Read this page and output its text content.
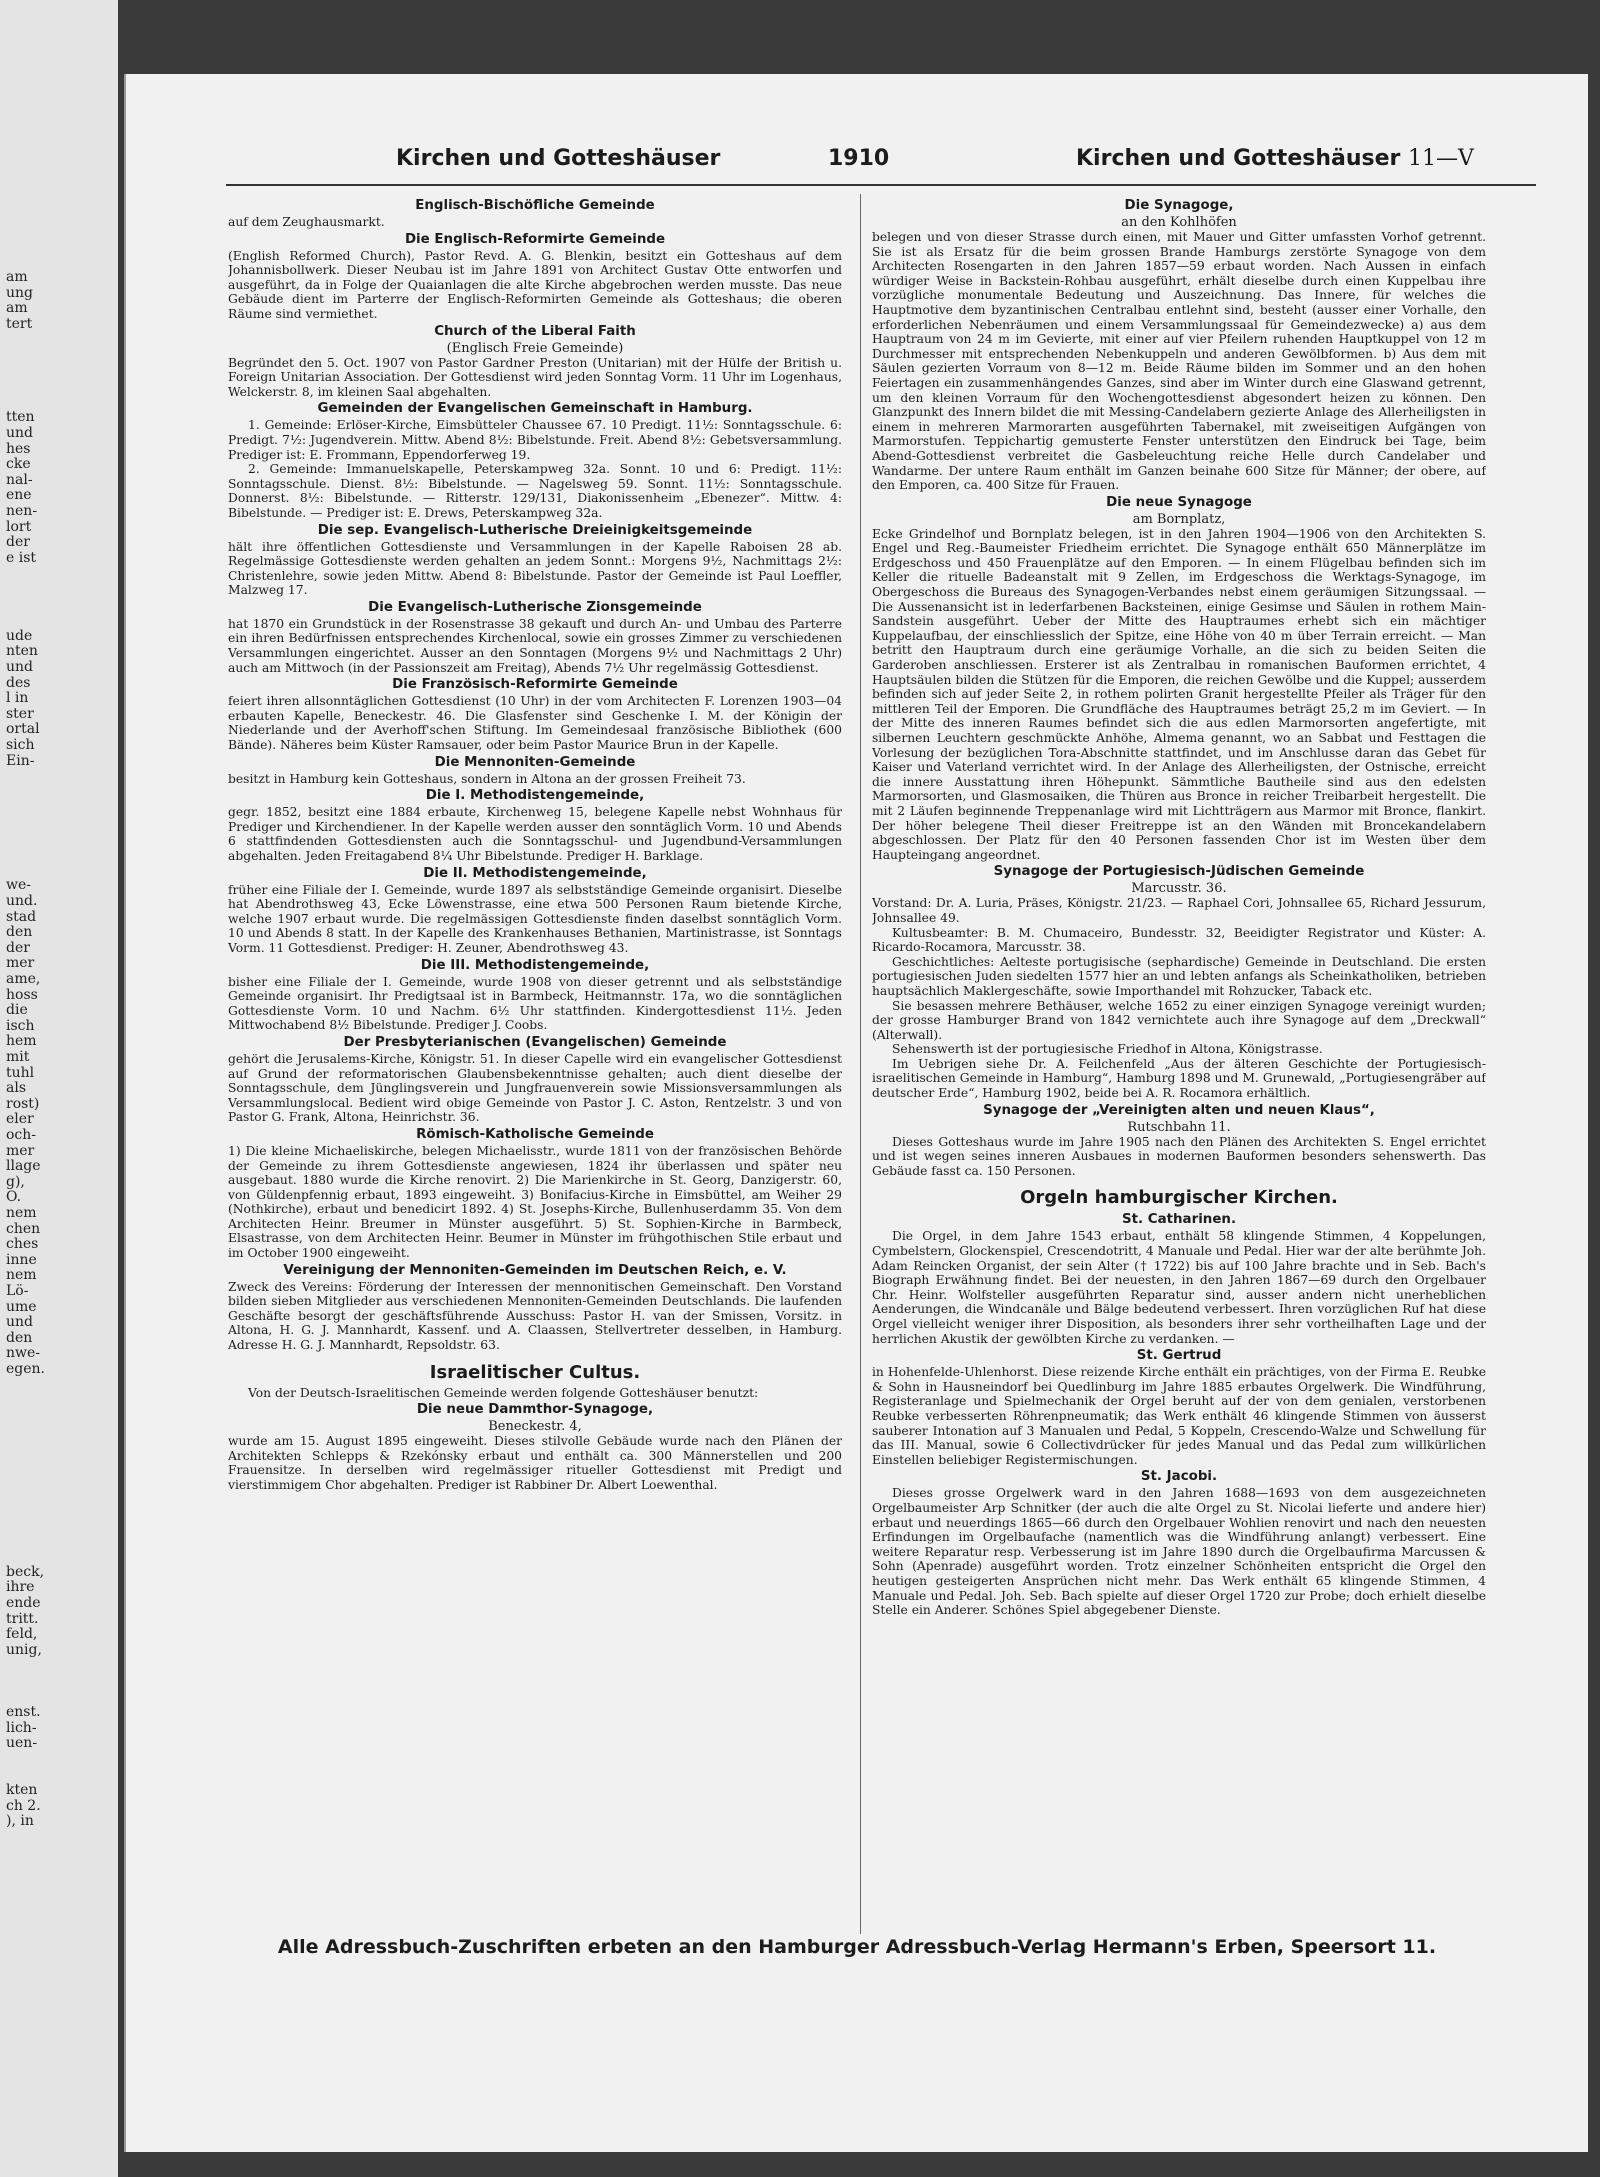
am
ung
am
tert
tten
und
hes
cke
nal-
ene
nen-
lort
der
e ist
ude
nten
und
des
l in
ster
ortal
sich
Ein-
we-
und.
stad
den
der
mer
ame,
hoss
die
isch
hem
mit
tuhl
als
rost)
eler
och-
mer
llage
g),
O.
nem
chen
ches
inne
nem
Lö-
ume
und
den
nwe-
egen.
beck,
ihre
ende
tritt.
feld,
unig,
enst.
lich-
uen-
kten
ch 2.
), in
Kirchen und Gotteshäuser	1910	Kirchen und Gotteshäuser 11—V
Englisch-Bischöfliche Gemeinde

auf dem Zeughausmarkt.

Die Englisch-Reformirte Gemeinde

(English Reformed Church), Pastor Revd. A. G. Blenkin, besitzt ein Gotteshaus auf dem Johannisbollwerk. Dieser Neubau ist im Jahre 1891 von Architect Gustav Otte entworfen und ausgeführt, da in Folge der Quaianlagen die alte Kirche abgebrochen werden musste. Das neue Gebäude dient im Parterre der Englisch-Reformirten Gemeinde als Gotteshaus; die oberen Räume sind vermiethet.

Church of the Liberal Faith
(Englisch Freie Gemeinde)

Begründet den 5. Oct. 1907 von Pastor Gardner Preston (Unitarian) mit der Hülfe der British u. Foreign Unitarian Association. Der Gottesdienst wird jeden Sonntag Vorm. 11 Uhr im Logenhaus, Welckerstr. 8, im kleinen Saal abgehalten.

Gemeinden der Evangelischen Gemeinschaft in Hamburg.

1. Gemeinde: Erlöser-Kirche, Eimsbütteler Chaussee 67. 10 Predigt. 11½: Sonntagsschule. 6: Predigt. 7½: Jugendverein. Mittw. Abend 8½: Bibelstunde. Freit. Abend 8½: Gebetsversammlung. Prediger ist: E. Frommann, Eppendorferweg 19.

2. Gemeinde: Immanuelskapelle, Peterskampweg 32a. Sonnt. 10 und 6: Predigt. 11½: Sonntagsschule. Dienst. 8½: Bibelstunde. — Nagelsweg 59. Sonnt. 11½: Sonntagsschule. Donnerst. 8½: Bibelstunde. — Ritterstr. 129/131, Diakonissenheim „Ebenezer“. Mittw. 4: Bibelstunde. — Prediger ist: E. Drews, Peterskampweg 32a.

Die sep. Evangelisch-Lutherische Dreieinigkeitsgemeinde

hält ihre öffentlichen Gottesdienste und Versammlungen in der Kapelle Raboisen 28 ab. Regelmässige Gottesdienste werden gehalten an jedem Sonnt.: Morgens 9½, Nachmittags 2½: Christenlehre, sowie jeden Mittw. Abend 8: Bibelstunde. Pastor der Gemeinde ist Paul Loeffler, Malzweg 17.

Die Evangelisch-Lutherische Zionsgemeinde

hat 1870 ein Grundstück in der Rosenstrasse 38 gekauft und durch An- und Umbau des Parterre ein ihren Bedürfnissen entsprechendes Kirchenlocal, sowie ein grosses Zimmer zu verschiedenen Versammlungen eingerichtet. Ausser an den Sonntagen (Morgens 9½ und Nachmittags 2 Uhr) auch am Mittwoch (in der Passionszeit am Freitag), Abends 7½ Uhr regelmässig Gottesdienst.

Die Französisch-Reformirte Gemeinde

feiert ihren allsonntäglichen Gottesdienst (10 Uhr) in der vom Architecten F. Lorenzen 1903—04 erbauten Kapelle, Beneckestr. 46. Die Glasfenster sind Geschenke I. M. der Königin der Niederlande und der Averhoff'schen Stiftung. Im Gemeindesaal französische Bibliothek (600 Bände). Näheres beim Küster Ramsauer, oder beim Pastor Maurice Brun in der Kapelle.

Die Mennoniten-Gemeinde

besitzt in Hamburg kein Gotteshaus, sondern in Altona an der grossen Freiheit 73.

Die I. Methodistengemeinde,

gegr. 1852, besitzt eine 1884 erbaute, Kirchenweg 15, belegene Kapelle nebst Wohnhaus für Prediger und Kirchendiener. In der Kapelle werden ausser den sonntäglich Vorm. 10 und Abends 6 stattfindenden Gottesdiensten auch die Sonntagsschul- und Jugendbund-Versammlungen abgehalten. Jeden Freitagabend 8¼ Uhr Bibelstunde. Prediger H. Barklage.

Die II. Methodistengemeinde,

früher eine Filiale der I. Gemeinde, wurde 1897 als selbstständige Gemeinde organisirt. Dieselbe hat Abendrothsweg 43, Ecke Löwenstrasse, eine etwa 500 Personen Raum bietende Kirche, welche 1907 erbaut wurde. Die regelmässigen Gottesdienste finden daselbst sonntäglich Vorm. 10 und Abends 8 statt. In der Kapelle des Krankenhauses Bethanien, Martinistrasse, ist Sonntags Vorm. 11 Gottesdienst. Prediger: H. Zeuner, Abendrothsweg 43.

Die III. Methodistengemeinde,

bisher eine Filiale der I. Gemeinde, wurde 1908 von dieser getrennt und als selbstständige Gemeinde organisirt. Ihr Predigtsaal ist in Barmbeck, Heitmannstr. 17a, wo die sonntäglichen Gottesdienste Vorm. 10 und Nachm. 6½ Uhr stattfinden. Kindergottesdienst 11½. Jeden Mittwochabend 8½ Bibelstunde. Prediger J. Coobs.

Der Presbyterianischen (Evangelischen) Gemeinde

gehört die Jerusalems-Kirche, Königstr. 51. In dieser Capelle wird ein evangelischer Gottesdienst auf Grund der reformatorischen Glaubensbekenntnisse gehalten; auch dient dieselbe der Sonntagsschule, dem Jünglingsverein und Jungfrauenverein sowie Missionsversammlungen als Versammlungslocal. Bedient wird obige Gemeinde von Pastor J. C. Aston, Rentzelstr. 3 und von Pastor G. Frank, Altona, Heinrichstr. 36.

Römisch-Katholische Gemeinde

1) Die kleine Michaeliskirche, belegen Michaelisstr., wurde 1811 von der französischen Behörde der Gemeinde zu ihrem Gottesdienste angewiesen, 1824 ihr überlassen und später neu ausgebaut. 1880 wurde die Kirche renovirt. 2) Die Marienkirche in St. Georg, Danzigerstr. 60, von Güldenpfennig erbaut, 1893 eingeweiht. 3) Bonifacius-Kirche in Eimsbüttel, am Weiher 29 (Nothkirche), erbaut und benedicirt 1892. 4) St. Josephs-Kirche, Bullenhuserdamm 35. Von dem Architecten Heinr. Breumer in Münster ausgeführt. 5) St. Sophien-Kirche in Barmbeck, Elsastrasse, von dem Architecten Heinr. Beumer in Münster im frühgothischen Stile erbaut und im October 1900 eingeweiht.

Vereinigung der Mennoniten-Gemeinden im Deutschen Reich, e. V.

Zweck des Vereins: Förderung der Interessen der mennonitischen Gemeinschaft. Den Vorstand bilden sieben Mitglieder aus verschiedenen Mennoniten-Gemeinden Deutschlands. Die laufenden Geschäfte besorgt der geschäftsführende Ausschuss: Pastor H. van der Smissen, Vorsitz. in Altona, H. G. J. Mannhardt, Kassenf. und A. Claassen, Stellvertreter desselben, in Hamburg. Adresse H. G. J. Mannhardt, Repsoldstr. 63.

Israelitischer Cultus.

Von der Deutsch-Israelitischen Gemeinde werden folgende Gotteshäuser benutzt:

Die neue Dammthor-Synagoge,
Beneckestr. 4,

wurde am 15. August 1895 eingeweiht. Dieses stilvolle Gebäude wurde nach den Plänen der Architekten Schlepps & Rzekónsky erbaut und enthält ca. 300 Männerstellen und 200 Frauensitze. In derselben wird regelmässiger ritueller Gottesdienst mit Predigt und vierstimmigem Chor abgehalten. Prediger ist Rabbiner Dr. Albert Loewenthal.

Die Synagoge,
an den Kohlhöfen

belegen und von dieser Strasse durch einen, mit Mauer und Gitter umfassten Vorhof getrennt. Sie ist als Ersatz für die beim grossen Brande Hamburgs zerstörte Synagoge von dem Architecten Rosengarten in den Jahren 1857—59 erbaut worden. Nach Aussen in einfach würdiger Weise in Backstein-Rohbau ausgeführt, erhält dieselbe durch einen Kuppelbau ihre vorzügliche monumentale Bedeutung und Auszeichnung. Das Innere, für welches die Hauptmotive dem byzantinischen Centralbau entlehnt sind, besteht (ausser einer Vorhalle, den erforderlichen Nebenräumen und einem Versammlungssaal für Gemeindezwecke) a) aus dem Hauptraum von 24 m im Gevierte, mit einer auf vier Pfeilern ruhenden Hauptkuppel von 12 m Durchmesser mit entsprechenden Nebenkuppeln und anderen Gewölbformen. b) Aus dem mit Säulen gezierten Vorraum von 8—12 m. Beide Räume bilden im Sommer und an den hohen Feiertagen ein zusammenhängendes Ganzes, sind aber im Winter durch eine Glaswand getrennt, um den kleinen Vorraum für den Wochengottesdienst abgesondert heizen zu können. Den Glanzpunkt des Innern bildet die mit Messing-Candelabern gezierte Anlage des Allerheiligsten in einem in mehreren Marmorarten ausgeführten Tabernakel, mit zweiseitigen Aufgängen von Marmorstufen. Teppichartig gemusterte Fenster unterstützen den Eindruck bei Tage, beim Abend-Gottesdienst verbreitet die Gasbeleuchtung reiche Helle durch Candelaber und Wandarme. Der untere Raum enthält im Ganzen beinahe 600 Sitze für Männer; der obere, auf den Emporen, ca. 400 Sitze für Frauen.

Die neue Synagoge
am Bornplatz,

Ecke Grindelhof und Bornplatz belegen, ist in den Jahren 1904—1906 von den Architekten S. Engel und Reg.-Baumeister Friedheim errichtet. Die Synagoge enthält 650 Männerplätze im Erdgeschoss und 450 Frauenplätze auf den Emporen. — In einem Flügelbau befinden sich im Keller die rituelle Badeanstalt mit 9 Zellen, im Erdgeschoss die Werktags-Synagoge, im Obergeschoss die Bureaus des Synagogen-Verbandes nebst einem geräumigen Sitzungssaal. — Die Aussenansicht ist in lederfarbenen Backsteinen, einige Gesimse und Säulen in rothem Main-Sandstein ausgeführt. Ueber der Mitte des Hauptraumes erhebt sich ein mächtiger Kuppelaufbau, der einschliesslich der Spitze, eine Höhe von 40 m über Terrain erreicht. — Man betritt den Hauptraum durch eine geräumige Vorhalle, an die sich zu beiden Seiten die Garderoben anschliessen. Ersterer ist als Zentralbau in romanischen Bauformen errichtet, 4 Hauptsäulen bilden die Stützen für die Emporen, die reichen Gewölbe und die Kuppel; ausserdem befinden sich auf jeder Seite 2, in rothem polirten Granit hergestellte Pfeiler als Träger für den mittleren Teil der Emporen. Die Grundfläche des Hauptraumes beträgt 25,2 m im Geviert. — In der Mitte des inneren Raumes befindet sich die aus edlen Marmorsorten angefertigte, mit silbernen Leuchtern geschmückte Anhöhe, Almema genannt, wo an Sabbat und Festtagen die Vorlesung der bezüglichen Tora-Abschnitte stattfindet, und im Anschlusse daran das Gebet für Kaiser und Vaterland verrichtet wird. In der Anlage des Allerheiligsten, der Ostnische, erreicht die innere Ausstattung ihren Höhepunkt. Sämmtliche Bautheile sind aus den edelsten Marmorsorten, und Glasmosaiken, die Thüren aus Bronce in reicher Treibarbeit hergestellt. Die mit 2 Läufen beginnende Treppenanlage wird mit Lichtträgern aus Marmor mit Bronce, flankirt. Der höher belegene Theil dieser Freitreppe ist an den Wänden mit Broncekandelabern abgeschlossen. Der Platz für den 40 Personen fassenden Chor ist im Westen über dem Haupteingang angeordnet.

Synagoge der Portugiesisch-Jüdischen Gemeinde
Marcusstr. 36.

Vorstand: Dr. A. Luria, Präses, Königstr. 21/23. — Raphael Cori, Johnsallee 65, Richard Jessurum, Johnsallee 49.

Kultusbeamter: B. M. Chumaceiro, Bundesstr. 32, Beeidigter Registrator und Küster: A. Ricardo-Rocamora, Marcusstr. 38.

Geschichtliches: Aelteste portugisische (sephardische) Gemeinde in Deutschland. Die ersten portugiesischen Juden siedelten 1577 hier an und lebten anfangs als Scheinkatholiken, betrieben hauptsächlich Maklergeschäfte, sowie Importhandel mit Rohzucker, Taback etc.

Sie besassen mehrere Bethäuser, welche 1652 zu einer einzigen Synagoge vereinigt wurden; der grosse Hamburger Brand von 1842 vernichtete auch ihre Synagoge auf dem „Dreckwall“ (Alterwall).

Sehenswerth ist der portugiesische Friedhof in Altona, Königstrasse.

Im Uebrigen siehe Dr. A. Feilchenfeld „Aus der älteren Geschichte der Portugiesisch-israelitischen Gemeinde in Hamburg“, Hamburg 1898 und M. Grunewald, „Portugiesengräber auf deutscher Erde“, Hamburg 1902, beide bei A. R. Rocamora erhältlich.

Synagoge der „Vereinigten alten und neuen Klaus“,
Rutschbahn 11.

Dieses Gotteshaus wurde im Jahre 1905 nach den Plänen des Architekten S. Engel errichtet und ist wegen seines inneren Ausbaues in modernen Bauformen besonders sehenswerth. Das Gebäude fasst ca. 150 Personen.

Orgeln hamburgischer Kirchen.
St. Catharinen.

Die Orgel, in dem Jahre 1543 erbaut, enthält 58 klingende Stimmen, 4 Koppelungen, Cymbelstern, Glockenspiel, Crescendotritt, 4 Manuale und Pedal. Hier war der alte berühmte Joh. Adam Reincken Organist, der sein Alter († 1722) bis auf 100 Jahre brachte und in Seb. Bach's Biograph Erwähnung findet. Bei der neuesten, in den Jahren 1867—69 durch den Orgelbauer Chr. Heinr. Wolfsteller ausgeführten Reparatur sind, ausser andern nicht unerheblichen Aenderungen, die Windcanäle und Bälge bedeutend verbessert. Ihren vorzüglichen Ruf hat diese Orgel vielleicht weniger ihrer Disposition, als besonders ihrer sehr vortheilhaften Lage und der herrlichen Akustik der gewölbten Kirche zu verdanken. —

St. Gertrud

in Hohenfelde-Uhlenhorst. Diese reizende Kirche enthält ein prächtiges, von der Firma E. Reubke & Sohn in Hausneindorf bei Quedlinburg im Jahre 1885 erbautes Orgelwerk. Die Windführung, Registeranlage und Spielmechanik der Orgel beruht auf der von dem genialen, verstorbenen Reubke verbesserten Röhrenpneumatik; das Werk enthält 46 klingende Stimmen von äusserst sauberer Intonation auf 3 Manualen und Pedal, 5 Koppeln, Crescendo-Walze und Schwellung für das III. Manual, sowie 6 Collectivdrücker für jedes Manual und das Pedal zum willkürlichen Einstellen beliebiger Registermischungen.

St. Jacobi.

Dieses grosse Orgelwerk ward in den Jahren 1688—1693 von dem ausgezeichneten Orgelbaumeister Arp Schnitker (der auch die alte Orgel zu St. Nicolai lieferte und andere hier) erbaut und neuerdings 1865—66 durch den Orgelbauer Wohlien renovirt und nach den neuesten Erfindungen im Orgelbaufache (namentlich was die Windführung anlangt) verbessert. Eine weitere Reparatur resp. Verbesserung ist im Jahre 1890 durch die Orgelbaufirma Marcussen & Sohn (Apenrade) ausgeführt worden. Trotz einzelner Schönheiten entspricht die Orgel den heutigen gesteigerten Ansprüchen nicht mehr. Das Werk enthält 65 klingende Stimmen, 4 Manuale und Pedal. Joh. Seb. Bach spielte auf dieser Orgel 1720 zur Probe; doch erhielt dieselbe Stelle ein Anderer. Schönes Spiel abgegebener Dienste.

Alle Adressbuch-Zuschriften erbeten an den Hamburger Adressbuch-Verlag Hermann's Erben, Speersort 11.
